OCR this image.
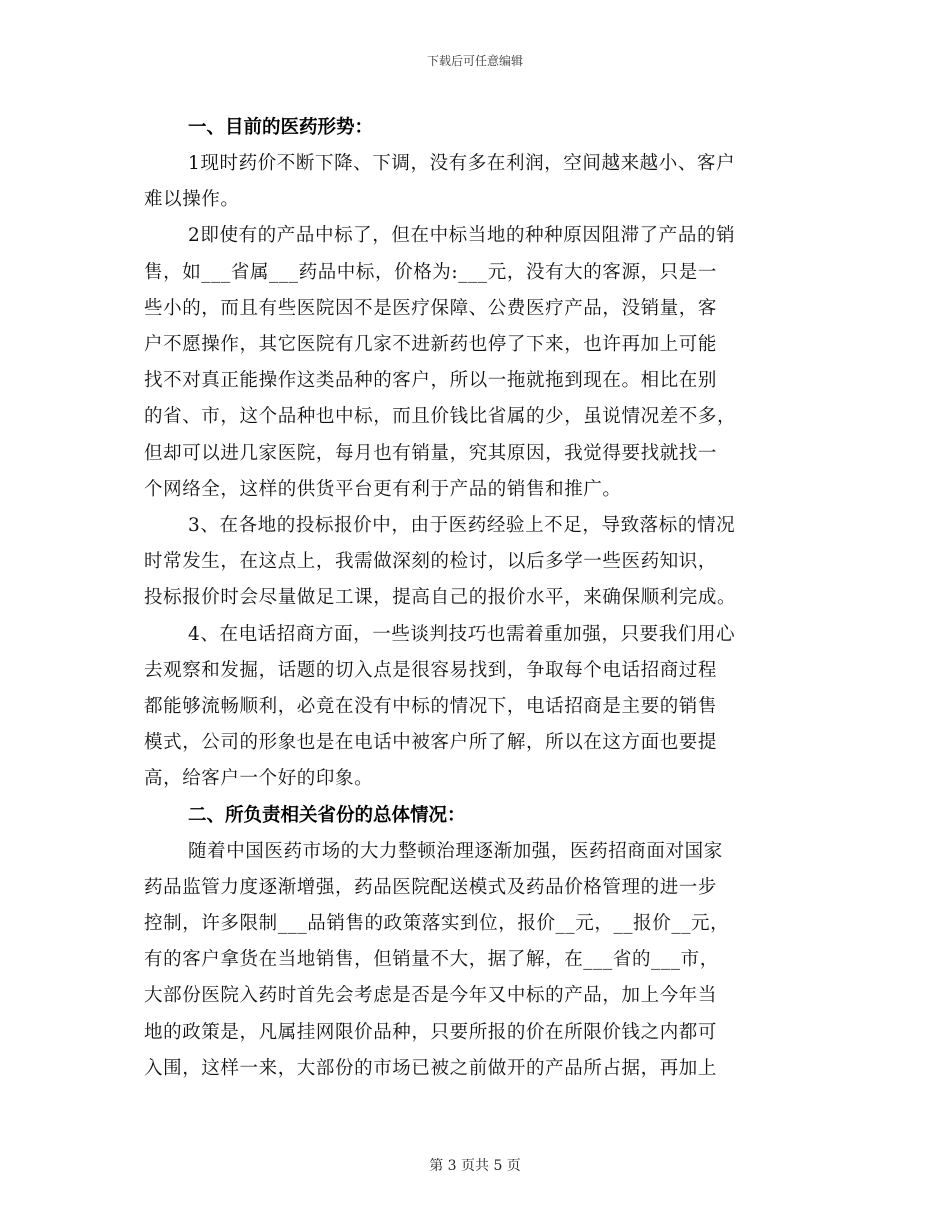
下载后可任意编辑
一、目前的医药形势：

1现时药价不断下降、下调，没有多在利润，空间越来越小、客户
难以操作。

2即使有的产品中标了，但在中标当地的种种原因阻滞了产品的销
售，如___省属___药品中标，价格为:___元，没有大的客源，只是一
些小的，而且有些医院因不是医疗保障、公费医疗产品，没销量，客
户不愿操作，其它医院有几家不进新药也停了下来，也许再加上可能
找不对真正能操作这类品种的客户，所以一拖就拖到现在。相比在别
的省、市，这个品种也中标，而且价钱比省属的少，虽说情况差不多，
但却可以进几家医院，每月也有销量，究其原因，我觉得要找就找一
个网络全，这样的供货平台更有利于产品的销售和推广。

3、在各地的投标报价中，由于医药经验上不足，导致落标的情况
时常发生，在这点上，我需做深刻的检讨，以后多学一些医药知识，
投标报价时会尽量做足工课，提高自己的报价水平，来确保顺利完成。

4、在电话招商方面，一些谈判技巧也需着重加强，只要我们用心
去观察和发掘，话题的切入点是很容易找到，争取每个电话招商过程
都能够流畅顺利，必竟在没有中标的情况下，电话招商是主要的销售
模式，公司的形象也是在电话中被客户所了解，所以在这方面也要提
高，给客户一个好的印象。

二、所负责相关省份的总体情况：

随着中国医药市场的大力整顿治理逐渐加强，医药招商面对国家
药品监管力度逐渐增强，药品医院配送模式及药品价格管理的进一步
控制，许多限制___品销售的政策落实到位，报价__元，__报价__元，
有的客户拿货在当地销售，但销量不大，据了解，在___省的___市，
大部份医院入药时首先会考虑是否是今年又中标的产品，加上今年当
地的政策是，凡属挂网限价品种，只要所报的价在所限价钱之内都可
入围，这样一来，大部份的市场已被之前做开的产品所占据，再加上

第 3 页共 5 页
